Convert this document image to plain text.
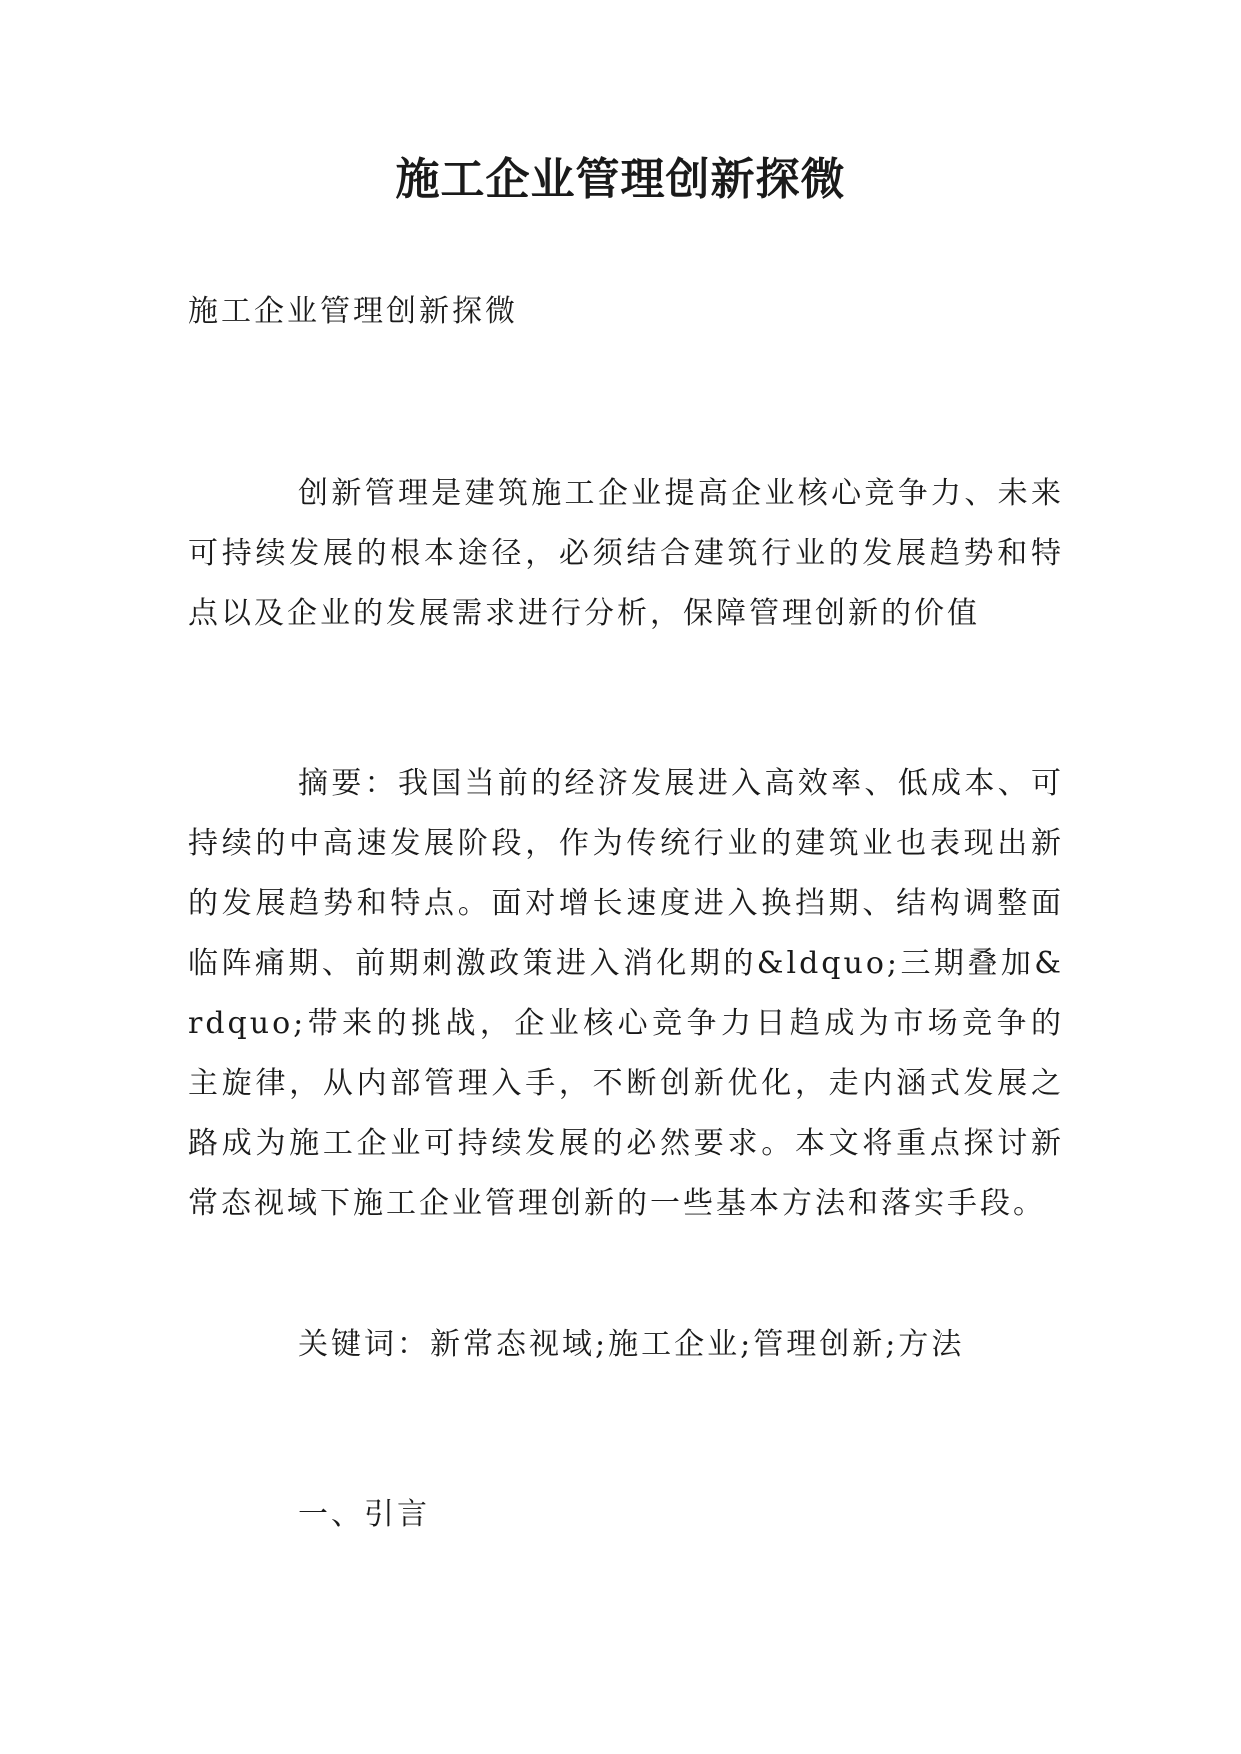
施工企业管理创新探微
施工企业管理创新探微
创新管理是建筑施工企业提高企业核心竞争力、未来可持续发展的根本途径，必须结合建筑行业的发展趋势和特点以及企业的发展需求进行分析，保障管理创新的价值
摘要：我国当前的经济发展进入高效率、低成本、可持续的中高速发展阶段，作为传统行业的建筑业也表现出新的发展趋势和特点。面对增长速度进入换挡期、结构调整面临阵痛期、前期刺激政策进入消化期的&ldquo;三期叠加&rdquo;带来的挑战，企业核心竞争力日趋成为市场竞争的主旋律，从内部管理入手，不断创新优化，走内涵式发展之路成为施工企业可持续发展的必然要求。本文将重点探讨新常态视域下施工企业管理创新的一些基本方法和落实手段。
关键词：新常态视域;施工企业;管理创新;方法
一、引言
